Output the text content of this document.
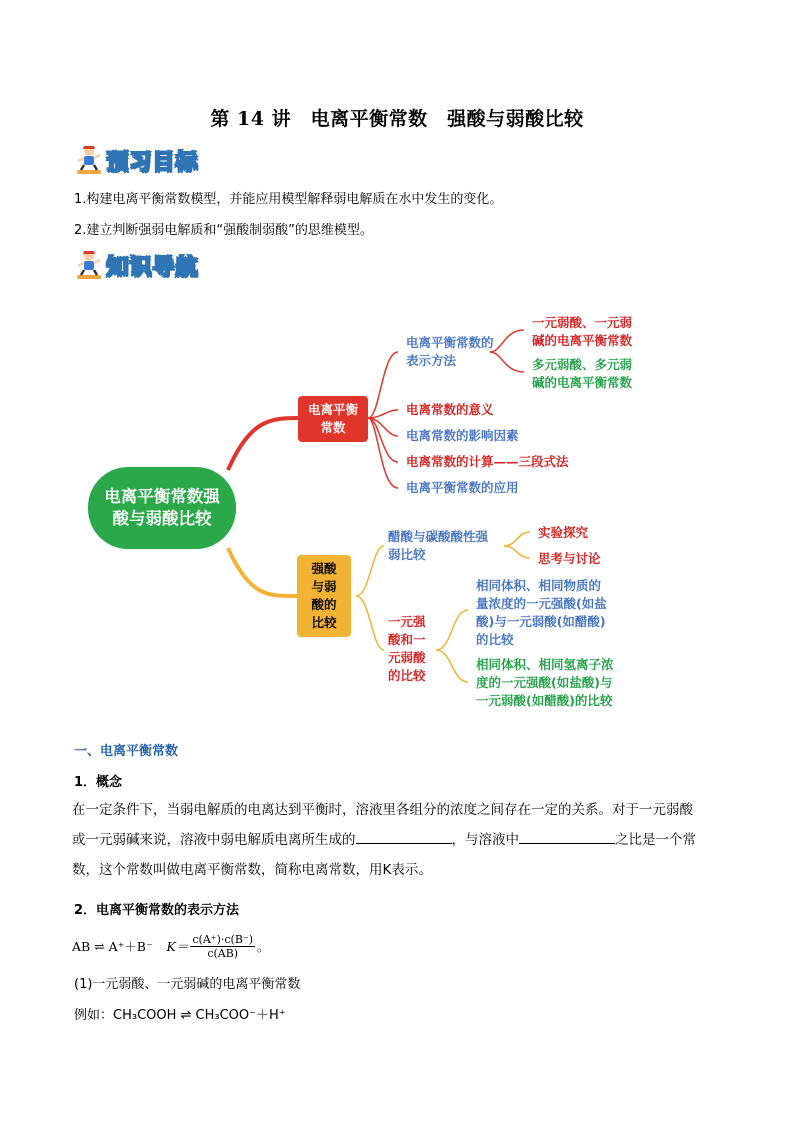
第 14 讲　电离平衡常数　强酸与弱酸比较
预习目标
1.构建电离平衡常数模型，并能应用模型解释弱电解质在水中发生的变化。
2.建立判断强弱电解质和“强酸制弱酸”的思维模型。
知识导航
电离平衡常数强酸与弱酸比较
电离平衡常数
强酸与弱酸的比较
电离平衡常数的表示方法
一元弱酸、一元弱碱的电离平衡常数
多元弱酸、多元弱碱的电离平衡常数
电离常数的意义
电离常数的影响因素
电离常数的计算——三段式法
电离平衡常数的应用
醋酸与碳酸酸性强弱比较
实验探究
思考与讨论
一元强酸和一元弱酸的比较
相同体积、相同物质的量浓度的一元强酸(如盐酸)与一元弱酸(如醋酸)的比较
相同体积、相同氢离子浓度的一元强酸(如盐酸)与一元弱酸(如醋酸)的比较
一、电离平衡常数
1．概念
在一定条件下，当弱电解质的电离达到平衡时，溶液里各组分的浓度之间存在一定的关系。对于一元弱酸
或一元弱碱来说，溶液中弱电解质电离所生成的	，与溶液中	之比是一个常
数，这个常数叫做电离平衡常数，简称电离常数，用K表示。
2．电离平衡常数的表示方法
AB ⇌ A⁺＋B⁻ $K= \frac{c(A^+)\cdot c(B^-)}{c(AB)}$ 。
(1)一元弱酸、一元弱碱的电离平衡常数
例如：CH₃COOH ⇌ CH₃COO⁻＋H⁺
